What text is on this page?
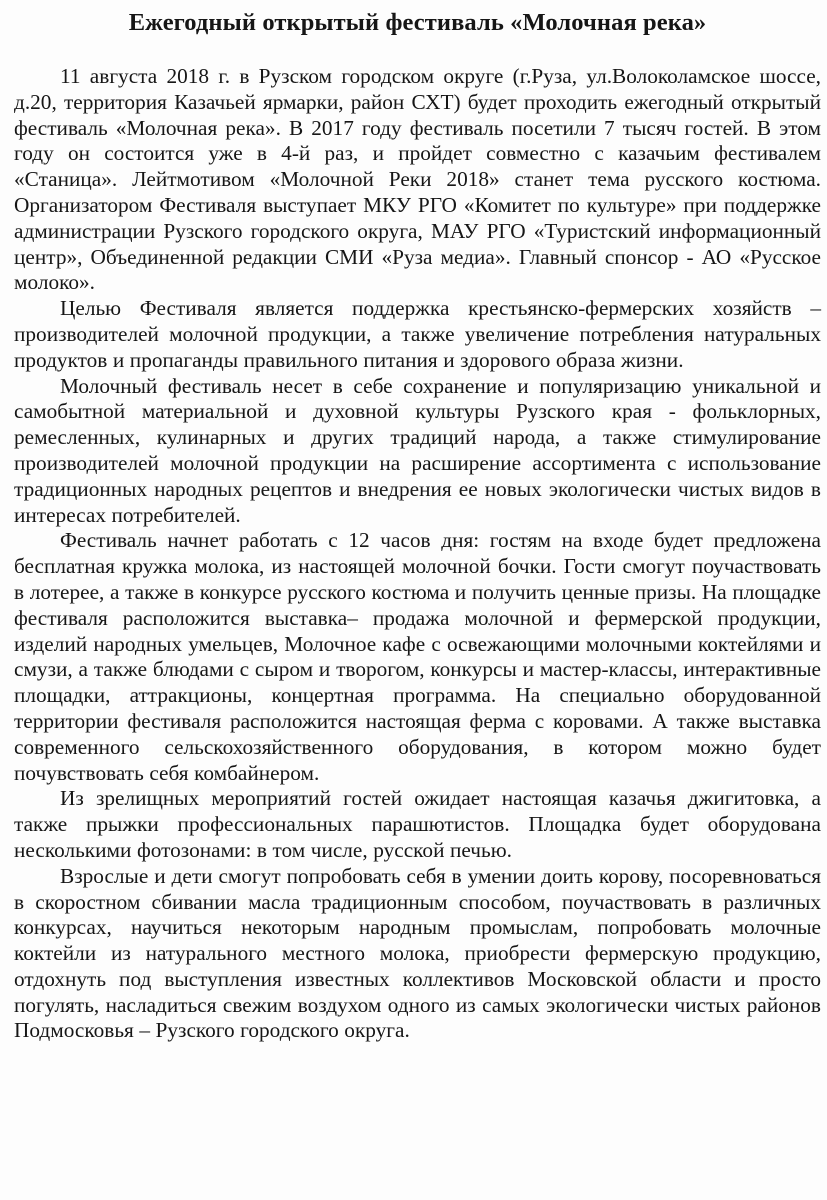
Ежегодный открытый фестиваль «Молочная река»

11 августа 2018 г. в Рузском городском округе (г.Руза, ул.Волоколамское шоссе, д.20, территория Казачьей ярмарки, район СХТ) будет проходить ежегодный открытый фестиваль «Молочная река». В 2017 году фестиваль посетили 7 тысяч гостей. В этом году он состоится уже в 4-й раз, и пройдет совместно с казачьим фестивалем «Станица». Лейтмотивом «Молочной Реки 2018» станет тема русского костюма. Организатором Фестиваля выступает МКУ РГО «Комитет по культуре» при поддержке администрации Рузского городского округа, МАУ РГО «Туристский информационный центр», Объединенной редакции СМИ «Руза медиа». Главный спонсор - АО «Русское молоко».

Целью Фестиваля является поддержка крестьянско-фермерских хозяйств – производителей молочной продукции, а также увеличение потребления натуральных продуктов и пропаганды правильного питания и здорового образа жизни.

Молочный фестиваль несет в себе сохранение и популяризацию уникальной и самобытной материальной и духовной культуры Рузского края - фольклорных, ремесленных, кулинарных и других традиций народа, а также стимулирование производителей молочной продукции на расширение ассортимента с использование традиционных народных рецептов и внедрения ее новых экологически чистых видов в интересах потребителей.

Фестиваль начнет работать с 12 часов дня: гостям на входе будет предложена бесплатная кружка молока, из настоящей молочной бочки. Гости смогут поучаствовать в лотерее, а также в конкурсе русского костюма и получить ценные призы. На площадке фестиваля расположится выставка– продажа молочной и фермерской продукции, изделий народных умельцев, Молочное кафе с освежающими молочными коктейлями и смузи, а также блюдами с сыром и творогом, конкурсы и мастер-классы, интерактивные площадки, аттракционы, концертная программа. На специально оборудованной территории фестиваля расположится настоящая ферма с коровами. А также выставка современного сельскохозяйственного оборудования, в котором можно будет почувствовать себя комбайнером.

Из зрелищных мероприятий гостей ожидает настоящая казачья джигитовка, а также прыжки профессиональных парашютистов. Площадка будет оборудована несколькими фотозонами: в том числе, русской печью.

Взрослые и дети смогут попробовать себя в умении доить корову, посоревноваться в скоростном сбивании масла традиционным способом, поучаствовать в различных конкурсах, научиться некоторым народным промыслам, попробовать молочные коктейли из натурального местного молока, приобрести фермерскую продукцию, отдохнуть под выступления известных коллективов Московской области и просто погулять, насладиться свежим воздухом одного из самых экологически чистых районов Подмосковья – Рузского городского округа.
